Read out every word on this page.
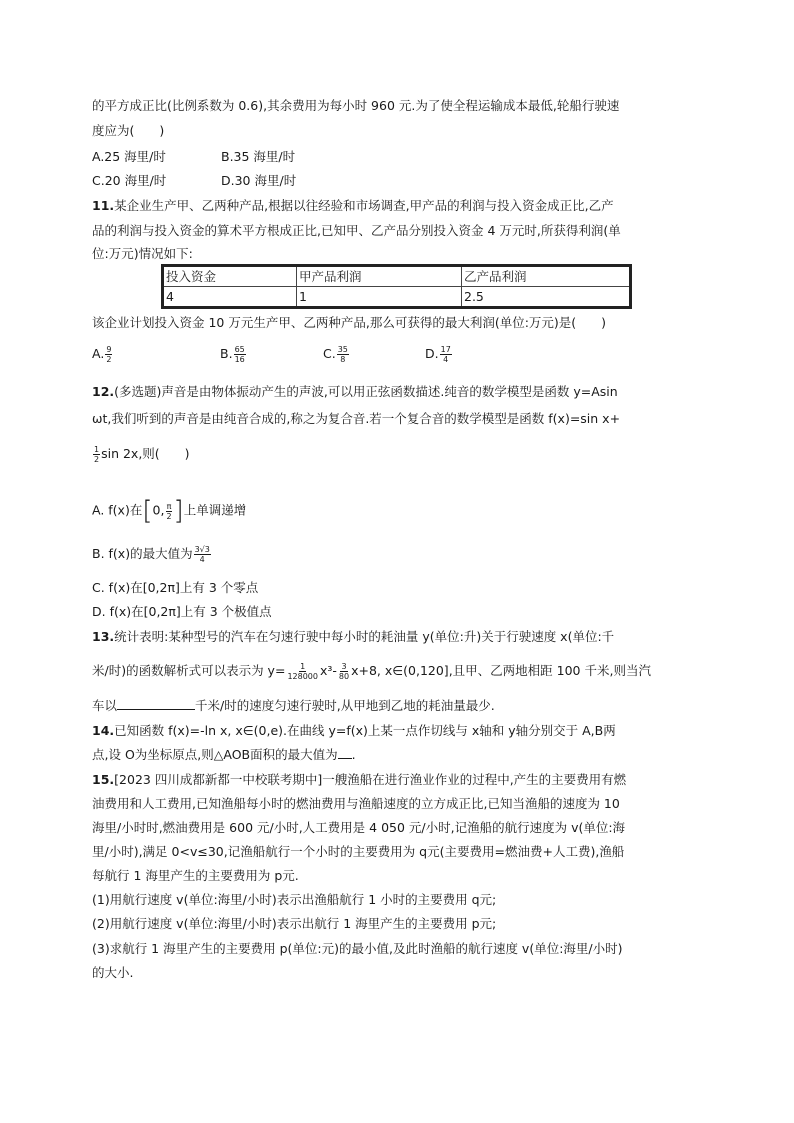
的平方成正比(比例系数为 0.6),其余费用为每小时 960 元.为了使全程运输成本最低,轮船行驶速
度应为(　　)
A.25 海里/时	B.35 海里/时
C.20 海里/时	D.30 海里/时
11.某企业生产甲、乙两种产品,根据以往经验和市场调查,甲产品的利润与投入资金成正比,乙产
品的利润与投入资金的算术平方根成正比,已知甲、乙产品分别投入资金 4 万元时,所获得利润(单
位:万元)情况如下:
投入资金	甲产品利润	乙产品利润
4	1	2.5
该企业计划投入资金 10 万元生产甲、乙两种产品,那么可获得的最大利润(单位:万元)是(　　)
A. $\frac{9}{2}$	B. $\frac{65}{16}$	C. $\frac{35}{8}$	D. $\frac{17}{4}$
12.(多选题)声音是由物体振动产生的声波,可以用正弦函数描述.纯音的数学模型是函数 y=Asin
ωt,我们听到的声音是由纯音合成的,称之为复合音.若一个复合音的数学模型是函数 f(x)=sin x+
$\frac{1}{2}$ sin 2x,则(　　)
A. f(x)在[0, $\frac{\pi}{2}$ ]上单调递增
B. f(x)的最大值为 $\frac{3√3}{4}$
C. f(x)在[0,2π]上有 3 个零点
D. f(x)在[0,2π]上有 3 个极值点
13.统计表明:某种型号的汽车在匀速行驶中每小时的耗油量 y(单位:升)关于行驶速度 x(单位:千
米/时)的函数解析式可以表示为 $y= \frac{1}{128000} x^3- \frac{3}{80} x+8$, x∈(0,120],且甲、乙两地相距 100 千米,则当汽
车以	千米/时的速度匀速行驶时,从甲地到乙地的耗油量最少.
14.已知函数 f(x)=-ln x, x∈(0,e).在曲线 y=f(x)上某一点作切线与 x轴和 y轴分别交于 A,B两
点,设 O为坐标原点,则△AOB面积的最大值为 .
15.[2023 四川成都新都一中校联考期中]一艘渔船在进行渔业作业的过程中,产生的主要费用有燃
油费用和人工费用,已知渔船每小时的燃油费用与渔船速度的立方成正比,已知当渔船的速度为 10
海里/小时时,燃油费用是 600 元/小时,人工费用是 4 050 元/小时,记渔船的航行速度为 v(单位:海
里/小时),满足 0<v≤30,记渔船航行一个小时的主要费用为 q元(主要费用=燃油费+人工费),渔船
每航行 1 海里产生的主要费用为 p元.
(1)用航行速度 v(单位:海里/小时)表示出渔船航行 1 小时的主要费用 q元;
(2)用航行速度 v(单位:海里/小时)表示出航行 1 海里产生的主要费用 p元;
(3)求航行 1 海里产生的主要费用 p(单位:元)的最小值,及此时渔船的航行速度 v(单位:海里/小时)
的大小.
